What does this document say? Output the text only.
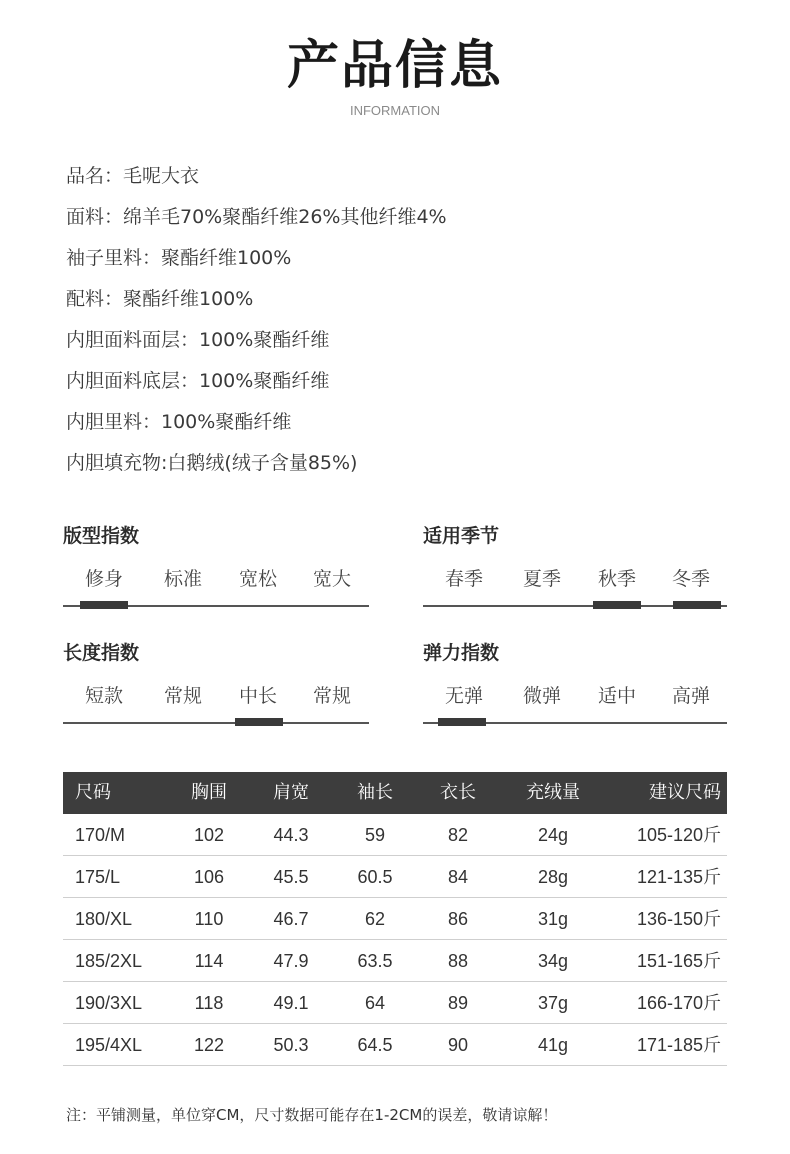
产品信息
INFORMATION
品名：毛呢大衣
面料：绵羊毛70%聚酯纤维26%其他纤维4%
袖子里料：聚酯纤维100%
配料：聚酯纤维100%
内胆面料面层：100%聚酯纤维
内胆面料底层：100%聚酯纤维
内胆里料：100%聚酯纤维
内胆填充物:白鹅绒(绒子含量85%)
版型指数
修身	标准	宽松	宽大
适用季节
春季	夏季	秋季	冬季
长度指数
短款	常规	中长	常规
弹力指数
无弹	微弹	适中	高弹
尺码	胸围	肩宽	袖长	衣长	充绒量	建议尺码
170/M	102	44.3	59	82	24g	105-120斤
175/L	106	45.5	60.5	84	28g	121-135斤
180/XL	110	46.7	62	86	31g	136-150斤
185/2XL	114	47.9	63.5	88	34g	151-165斤
190/3XL	118	49.1	64	89	37g	166-170斤
195/4XL	122	50.3	64.5	90	41g	171-185斤
注：平铺测量，单位穿CM，尺寸数据可能存在1-2CM的误差，敬请谅解！
